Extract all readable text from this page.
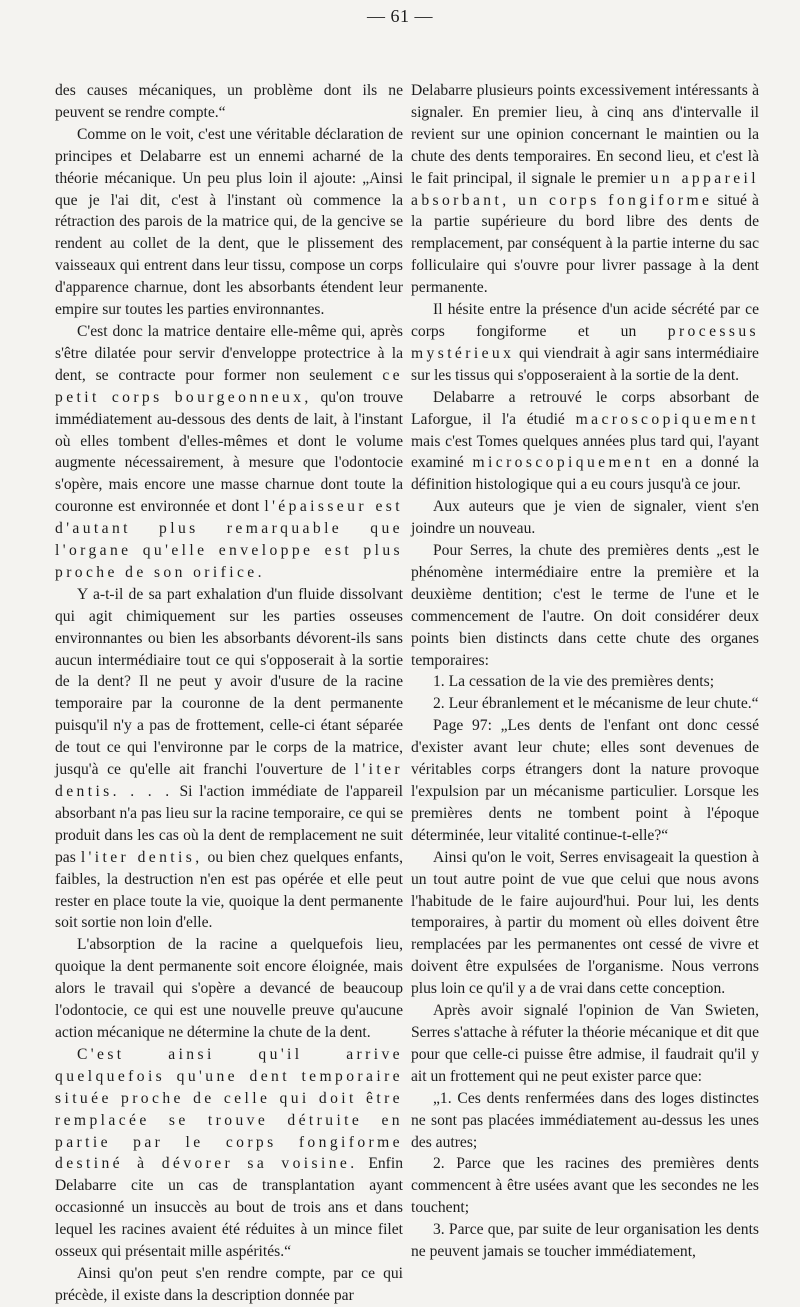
— 61 —

des causes mécaniques, un problème dont ils ne peuvent se rendre compte.“

Comme on le voit, c'est une véritable déclaration de principes et Delabarre est un ennemi acharné de la théorie mécanique. Un peu plus loin il ajoute: „Ainsi que je l'ai dit, c'est à l'instant où commence la rétraction des parois de la matrice qui, de la gencive se rendent au collet de la dent, que le plissement des vaisseaux qui entrent dans leur tissu, compose un corps d'apparence charnue, dont les absorbants étendent leur empire sur toutes les parties environnantes.

C'est donc la matrice dentaire elle-même qui, après s'être dilatée pour servir d'enveloppe protectrice à la dent, se contracte pour former non seulement ce petit corps bourgeonneux, qu'on trouve immédiatement au-dessous des dents de lait, à l'instant où elles tombent d'elles-mêmes et dont le volume augmente nécessairement, à mesure que l'odontocie s'opère, mais encore une masse charnue dont toute la couronne est environnée et dont l'épaisseur est d'autant plus remarquable que l'organe qu'elle enveloppe est plus proche de son orifice.

Y a-t-il de sa part exhalation d'un fluide dissolvant qui agit chimiquement sur les parties osseuses environnantes ou bien les absorbants dévorent-ils sans aucun intermédiaire tout ce qui s'opposerait à la sortie de la dent? Il ne peut y avoir d'usure de la racine temporaire par la couronne de la dent permanente puisqu'il n'y a pas de frottement, celle-ci étant séparée de tout ce qui l'environne par le corps de la matrice, jusqu'à ce qu'elle ait franchi l'ouverture de l'iter dentis. . . . Si l'action immédiate de l'appareil absorbant n'a pas lieu sur la racine temporaire, ce qui se produit dans les cas où la dent de remplacement ne suit pas l'iter dentis, ou bien chez quelques enfants, faibles, la destruction n'en est pas opérée et elle peut rester en place toute la vie, quoique la dent permanente soit sortie non loin d'elle.

L'absorption de la racine a quelquefois lieu, quoique la dent permanente soit encore éloignée, mais alors le travail qui s'opère a devancé de beaucoup l'odontocie, ce qui est une nouvelle preuve qu'aucune action mécanique ne détermine la chute de la dent.

C'est ainsi qu'il arrive quelquefois qu'une dent temporaire située proche de celle qui doit être remplacée se trouve détruite en partie par le corps fongiforme destiné à dévorer sa voisine. Enfin Delabarre cite un cas de transplantation ayant occasionné un insuccès au bout de trois ans et dans lequel les racines avaient été réduites à un mince filet osseux qui présentait mille aspérités.“

Ainsi qu'on peut s'en rendre compte, par ce qui précède, il existe dans la description donnée par

Delabarre plusieurs points excessivement intéressants à signaler. En premier lieu, à cinq ans d'intervalle il revient sur une opinion concernant le maintien ou la chute des dents temporaires. En second lieu, et c'est là le fait principal, il signale le premier un appareil absorbant, un corps fongiforme situé à la partie supérieure du bord libre des dents de remplacement, par conséquent à la partie interne du sac folliculaire qui s'ouvre pour livrer passage à la dent permanente.

Il hésite entre la présence d'un acide sécrété par ce corps fongiforme et un processus mystérieux qui viendrait à agir sans intermédiaire sur les tissus qui s'opposeraient à la sortie de la dent.

Delabarre a retrouvé le corps absorbant de Laforgue, il l'a étudié macroscopiquement mais c'est Tomes quelques années plus tard qui, l'ayant examiné microscopiquement en a donné la définition histologique qui a eu cours jusqu'à ce jour.

Aux auteurs que je vien de signaler, vient s'en joindre un nouveau.

Pour Serres, la chute des premières dents „est le phénomène intermédiaire entre la première et la deuxième dentition; c'est le terme de l'une et le commencement de l'autre. On doit considérer deux points bien distincts dans cette chute des organes temporaires:

1. La cessation de la vie des premières dents;

2. Leur ébranlement et le mécanisme de leur chute.“

Page 97: „Les dents de l'enfant ont donc cessé d'exister avant leur chute; elles sont devenues de véritables corps étrangers dont la nature provoque l'expulsion par un mécanisme particulier. Lorsque les premières dents ne tombent point à l'époque déterminée, leur vitalité continue-t-elle?“

Ainsi qu'on le voit, Serres envisageait la question à un tout autre point de vue que celui que nous avons l'habitude de le faire aujourd'hui. Pour lui, les dents temporaires, à partir du moment où elles doivent être remplacées par les permanentes ont cessé de vivre et doivent être expulsées de l'organisme. Nous verrons plus loin ce qu'il y a de vrai dans cette conception.

Après avoir signalé l'opinion de Van Swieten, Serres s'attache à réfuter la théorie mécanique et dit que pour que celle-ci puisse être admise, il faudrait qu'il y ait un frottement qui ne peut exister parce que:

„1. Ces dents renfermées dans des loges distinctes ne sont pas placées immédiatement au-dessus les unes des autres;

2. Parce que les racines des premières dents commencent à être usées avant que les secondes ne les touchent;

3. Parce que, par suite de leur organisation les dents ne peuvent jamais se toucher immédiatement,
